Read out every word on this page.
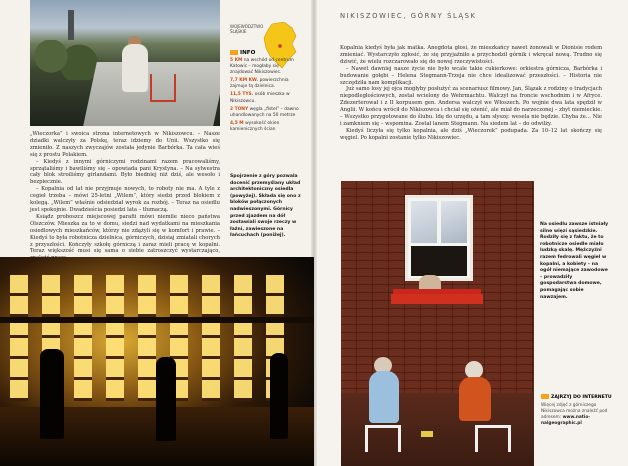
WOJEWÓDZTWO ŚLĄSKIE
INFO

5 KM na wschód od centrum Katowic – mogłaby się znajdować Nikiszowiec.

7,7 KM KW. powierzchnia zajmuje tą dzielnica.

11,5 TYS. osób mieszka w Nikiszowcu.

2 TONY węgla „fistel” – dawno uhandlowanych na 50 metrze

4,5 M wysokość okien kamienicznych ścian

„Wieczorka” i swoica strona internetowych w Nikiszowcu. – Nasze dziadki walczyły za Polskę, teraz idziemy do Unii. Wszystko się zmieniło. Z naszych zwyczajów została jedynie Barbórka. Ta cała wieś się z prostu Polakiem.

– Kiedyś z innymi górniczymi rodzinami razem pracowaliśmy, sprzątaliśmy i bawiliśmy się – opowiada pani Krystyna. – Na sylwestra cały blok stroiliśmy girlandami. Było biedniej niż dziś, ale wesoło i bezpiecznie.

– Kopalnia od lat nie przyjmuje nowych, to roboty nie ma. A tyle z cegieł trzeba – mówi 25-letni „Wilem”, który siedzi przed blokiem z kolegą. „Wilem” właśnie odsiedział wyrok za rozbój. – Teraz na osiedlu jest spokojnie. Dwadzieścia posiedzi lata – tłumaczą.

Ksiądz proboszcz miejscowej parafii mówi niemile nieco państwa Olszczów. Mieszka za to w domu, siedzi nad wydatkami na mieszkania osiedlowych mieszkańców, którzy nie zdążyli się w komfort i prawie. – Kiedyś to była robotnicza dzielnica, górniczych, dzisiaj zmiatali chorych z przyszłości. Kończyły szkołę górniczą i zaraz mieli pracę w kopalni. Teraz większość musi się sama o siebie zatroszczyć wystarczająco,

Spojrzenie z góry pozwala docenić przemyślany układ architektoniczny osiedla (powyżej). Składa się ono z bloków połączonych nadwieszonymi. Górnicy przed zjazdem na dół zostawiali swoje rzeczy w łaźni, zawieszone na łańcuchach (poniżej).
NIKISZOWIEC, GÓRNY ŚLĄSK

Kopalnia kiedyś była jak matka. Anegdota głosi, że mieszkańcy nawet żonowali w Dionisie rodem zmieniać. Wystarczyło zgłosić, że się przyjaźniło a przychodził górnik i wkręcał nową. Trudno się dziwić, że wielu rozczarowało się do nowej rzeczywistości.

– Nawet dawniej nasze życie nie było wcale takie cukierkowe: orkiestra górnicza, Barbórka i budowanie gołębi – Helena Stegmann-Trzeja nie chce idealizować przeszłości. – Historia nie szczędziła nam komplikacji.

Już samo losy jej ojca mogłyby posłużyć za scenariusz filmowy. Jan, Ślązak z rodziny o tradycjach niepodległościowych, został wcielony do Wehrmachtu. Walczył na froncie wschodnim i w Afryce. Zdezerterował i z II korpusem gen. Andersa walczył we Włoszech. Po wojnie dwa lata spędził w Anglii. W końcu wrócił do Nikiszowca i chciał się ożenić, ale miał do narzeczonej – zbyt niemieckie. – Wszystko przygotowane do ślubu. Idę do urzędu, a tam słyszę: wesela nie będzie. Chyba że… Nie i zamkniem się – wspomina. Został lanem Stegmann. Na siedem lat – do odwilży.

Kiedyś liczyła się tylko kopalnia, ale dziś „Wieczorek” podupada. Za 10–12 lat skończy się węgiel. Po kopalni zostanie tylko Nikiszowiec.

Na osiedlu zawsze istniały silne więzi sąsiedzkie. Rodziły się z faktu, że to robotnicze osiedle miało ludzką skalę. Mężczyźni razem fedrowali węgiel w kopalni, a kobiety – na ogół niemające zawodowe – prowadziły gospodarstwa domowe, pomagając sobie nawzajem.
ZAJRZYJ DO INTERNETU
Więcej zdjęć z górniczego Nikiszowca można znaleźć pod adresem: www.nationalgeographic.pl
